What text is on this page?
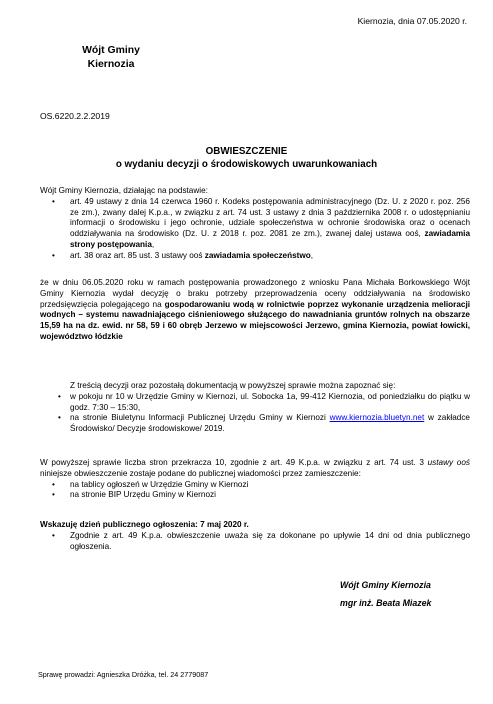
Kiernozia, dnia 07.05.2020 r.
Wójt Gminy
Kiernozia
OS.6220.2.2.2019
OBWIESZCZENIE
o wydaniu decyzji o środowiskowych uwarunkowaniach

Wójt Gminy Kiernozia, działając na podstawie:

• art. 49 ustawy z dnia 14 czerwca 1960 r. Kodeks postępowania administracyjnego (Dz. U. z 2020 r. poz. 256 ze zm.), zwany dalej K.p.a., w związku z art. 74 ust. 3 ustawy z dnia 3 października 2008 r. o udostępnianiu informacji o środowisku i jego ochronie, udziale społeczeństwa w ochronie środowiska oraz o ocenach oddziaływania na środowisko (Dz. U. z 2018 r. poz. 2081 ze zm.), zwanej dalej ustawa ooś, zawiadamia strony postępowania,
• art. 38 oraz art. 85 ust. 3 ustawy ooś zawiadamia społeczeństwo,

że w dniu 06.05.2020 roku w ramach postępowania prowadzonego z wniosku Pana Michała Borkowskiego Wójt Gminy Kiernozia wydał decyzję o braku potrzeby przeprowadzenia oceny oddziaływania na środowisko przedsięwzięcia polegającego na gospodarowaniu wodą w rolnictwie poprzez wykonanie urządzenia melioracji wodnych – systemu nawadniającego ciśnieniowego służącego do nawadniania gruntów rolnych na obszarze 15,59 ha na dz. ewid. nr 58, 59 i 60 obręb Jerzewo w miejscowości Jerzewo, gmina Kiernozia, powiat łowicki, województwo łódzkie

Z treścią decyzji oraz pozostałą dokumentacją w powyższej sprawie można zapoznać się:

• w pokoju nr 10 w Urzędzie Gminy w Kiernozi, ul. Sobocka 1a, 99-412 Kiernozia, od poniedziałku do piątku w godz. 7:30 – 15:30,
• na stronie Biuletynu Informacji Publicznej Urzędu Gminy w Kiernozi www.kiernozia.bluetyn.net w zakładce Środowisko/ Decyzje środowiskowe/ 2019.

W powyższej sprawie liczba stron przekracza 10, zgodnie z art. 49 K.p.a. w związku z art. 74 ust. 3 ustawy ooś niniejsze obwieszczenie zostaje podane do publicznej wiadomości przez zamieszczenie:

• na tablicy ogłoszeń w Urzędzie Gminy w Kiernozi
• na stronie BIP Urzędu Gminy w Kiernozi

Wskazuję dzień publicznego ogłoszenia: 7 maj 2020 r.

• Zgodnie z art. 49 K.p.a. obwieszczenie uważa się za dokonane po upływie 14 dni od dnia publicznego ogłoszenia.
Wójt Gminy Kiernozia
mgr inż. Beata Miazek
Sprawę prowadzi: Agnieszka Dróżka, tel. 24 2779087
